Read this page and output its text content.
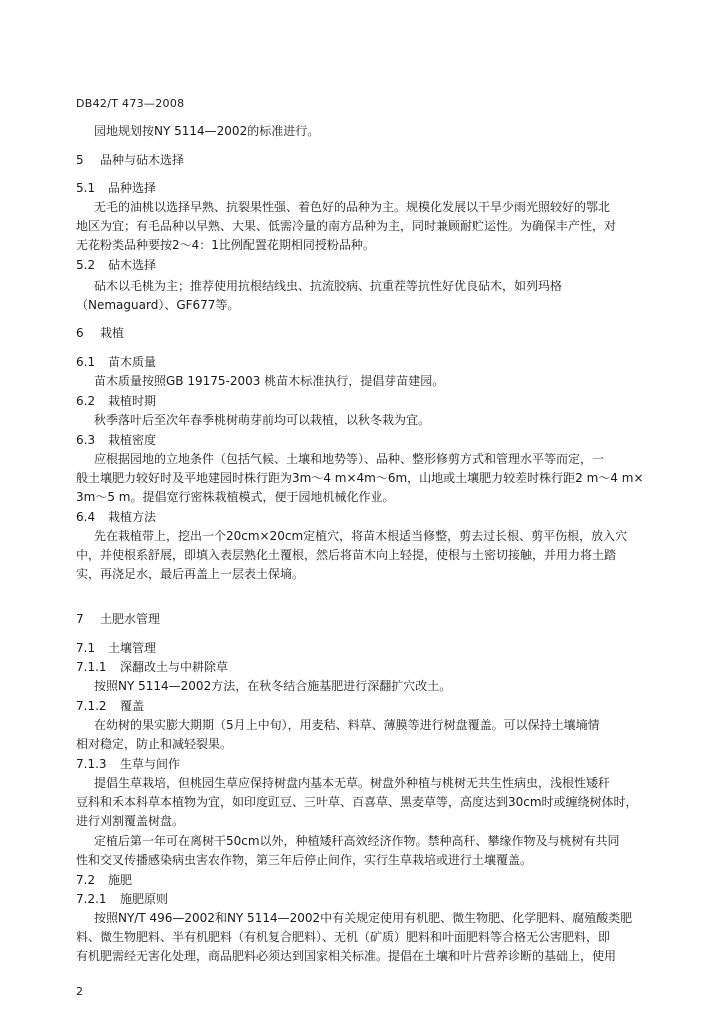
DB42/T 473—2008
园地规划按NY 5114—2002的标准进行。
5 品种与砧木选择
5.1 品种选择
无毛的油桃以选择早熟、抗裂果性强、着色好的品种为主。规模化发展以干旱少雨光照较好的鄂北
地区为宜；有毛品种以早熟、大果、低需冷量的南方品种为主，同时兼顾耐贮运性。为确保丰产性，对
无花粉类品种要按2～4：1比例配置花期相同授粉品种。
5.2 砧木选择
砧木以毛桃为主；推荐使用抗根结线虫、抗流胶病、抗重茬等抗性好优良砧木，如列玛格
（Nemaguard）、GF677等。
6 栽植
6.1 苗木质量
苗木质量按照GB 19175-2003 桃苗木标准执行，提倡芽苗建园。
6.2 栽植时期
秋季落叶后至次年春季桃树萌芽前均可以栽植，以秋冬栽为宜。
6.3 栽植密度
应根据园地的立地条件（包括气候、土壤和地势等）、品种、整形修剪方式和管理水平等而定，一
般土壤肥力较好时及平地建园时株行距为3m～4 m×4m～6m，山地或土壤肥力较差时株行距2 m～4 m×
3m～5 m。提倡宽行密株栽植模式，便于园地机械化作业。
6.4 栽植方法
先在栽植带上，挖出一个20cm×20cm定植穴，将苗木根适当修整，剪去过长根、剪平伤根，放入穴
中，并使根系舒展，即填入表层熟化土覆根，然后将苗木向上轻提，使根与土密切接触，并用力将土踏
实，再浇足水，最后再盖上一层表土保墒。
7 土肥水管理
7.1 土壤管理
7.1.1 深翻改土与中耕除草
按照NY 5114—2002方法，在秋冬结合施基肥进行深翻扩穴改土。
7.1.2 覆盖
在幼树的果实膨大期期（5月上中旬），用麦秸、料草、薄膜等进行树盘覆盖。可以保持土壤墒情
相对稳定，防止和减轻裂果。
7.1.3 生草与间作
提倡生草栽培，但桃园生草应保持树盘内基本无草。树盘外种植与桃树无共生性病虫，浅根性矮秆
豆科和禾本科草本植物为宜，如印度豇豆、三叶草、百喜草、黑麦草等，高度达到30cm时或缠绕树体时，
进行刈割覆盖树盘。
定植后第一年可在离树干50cm以外，种植矮秆高效经济作物。禁种高秆、攀缘作物及与桃树有共同
性和交叉传播感染病虫害农作物，第三年后停止间作，实行生草栽培或进行土壤覆盖。
7.2 施肥
7.2.1 施肥原则
按照NY/T 496—2002和NY 5114—2002中有关规定使用有机肥、微生物肥、化学肥料、腐殖酸类肥
料、微生物肥料、半有机肥料（有机复合肥料）、无机（矿质）肥料和叶面肥料等合格无公害肥料，即
有机肥需经无害化处理，商品肥料必须达到国家相关标准。提倡在土壤和叶片营养诊断的基础上，使用
2
